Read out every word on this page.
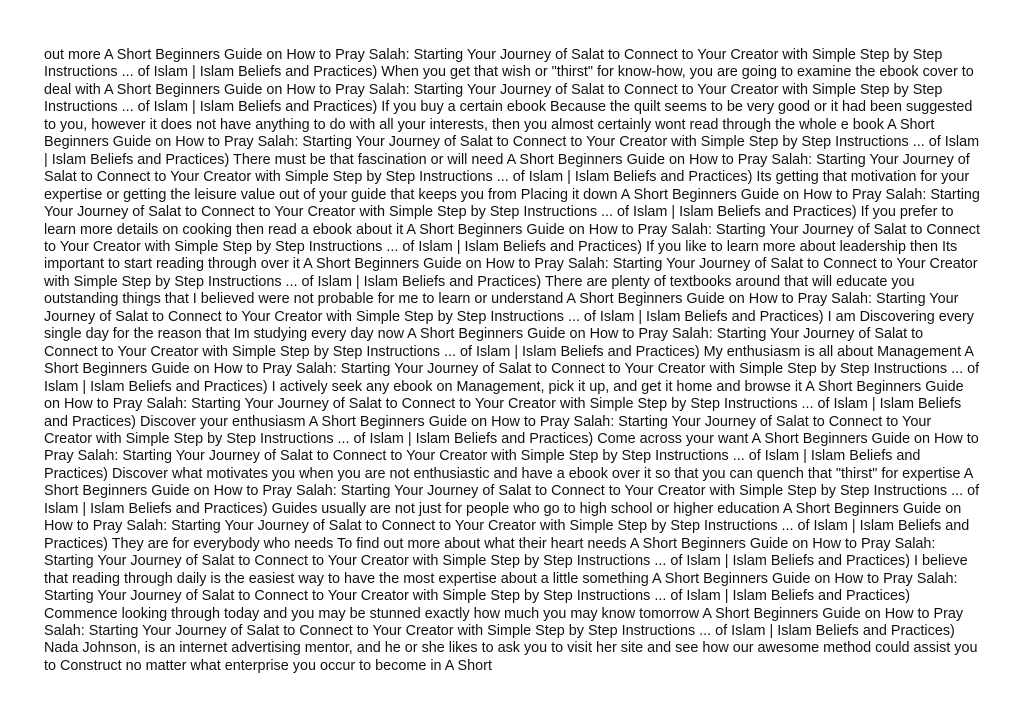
out more A Short Beginners Guide on How to Pray Salah: Starting Your Journey of Salat to Connect to Your Creator with Simple Step by Step Instructions ... of Islam | Islam Beliefs and Practices) When you get that wish or "thirst" for know-how, you are going to examine the ebook cover to deal with A Short Beginners Guide on How to Pray Salah: Starting Your Journey of Salat to Connect to Your Creator with Simple Step by Step Instructions ... of Islam | Islam Beliefs and Practices) If you buy a certain ebook Because the quilt seems to be very good or it had been suggested to you, however it does not have anything to do with all your interests, then you almost certainly wont read through the whole e book A Short Beginners Guide on How to Pray Salah: Starting Your Journey of Salat to Connect to Your Creator with Simple Step by Step Instructions ... of Islam | Islam Beliefs and Practices) There must be that fascination or will need A Short Beginners Guide on How to Pray Salah: Starting Your Journey of Salat to Connect to Your Creator with Simple Step by Step Instructions ... of Islam | Islam Beliefs and Practices) Its getting that motivation for your expertise or getting the leisure value out of your guide that keeps you from Placing it down A Short Beginners Guide on How to Pray Salah: Starting Your Journey of Salat to Connect to Your Creator with Simple Step by Step Instructions ... of Islam | Islam Beliefs and Practices) If you prefer to learn more details on cooking then read a ebook about it A Short Beginners Guide on How to Pray Salah: Starting Your Journey of Salat to Connect to Your Creator with Simple Step by Step Instructions ... of Islam | Islam Beliefs and Practices) If you like to learn more about leadership then Its important to start reading through over it A Short Beginners Guide on How to Pray Salah: Starting Your Journey of Salat to Connect to Your Creator with Simple Step by Step Instructions ... of Islam | Islam Beliefs and Practices) There are plenty of textbooks around that will educate you outstanding things that I believed were not probable for me to learn or understand A Short Beginners Guide on How to Pray Salah: Starting Your Journey of Salat to Connect to Your Creator with Simple Step by Step Instructions ... of Islam | Islam Beliefs and Practices) I am Discovering every single day for the reason that Im studying every day now A Short Beginners Guide on How to Pray Salah: Starting Your Journey of Salat to Connect to Your Creator with Simple Step by Step Instructions ... of Islam | Islam Beliefs and Practices) My enthusiasm is all about Management A Short Beginners Guide on How to Pray Salah: Starting Your Journey of Salat to Connect to Your Creator with Simple Step by Step Instructions ... of Islam | Islam Beliefs and Practices) I actively seek any ebook on Management, pick it up, and get it home and browse it A Short Beginners Guide on How to Pray Salah: Starting Your Journey of Salat to Connect to Your Creator with Simple Step by Step Instructions ... of Islam | Islam Beliefs and Practices) Discover your enthusiasm A Short Beginners Guide on How to Pray Salah: Starting Your Journey of Salat to Connect to Your Creator with Simple Step by Step Instructions ... of Islam | Islam Beliefs and Practices) Come across your want A Short Beginners Guide on How to Pray Salah: Starting Your Journey of Salat to Connect to Your Creator with Simple Step by Step Instructions ... of Islam | Islam Beliefs and Practices) Discover what motivates you when you are not enthusiastic and have a ebook over it so that you can quench that "thirst" for expertise A Short Beginners Guide on How to Pray Salah: Starting Your Journey of Salat to Connect to Your Creator with Simple Step by Step Instructions ... of Islam | Islam Beliefs and Practices) Guides usually are not just for people who go to high school or higher education A Short Beginners Guide on How to Pray Salah: Starting Your Journey of Salat to Connect to Your Creator with Simple Step by Step Instructions ... of Islam | Islam Beliefs and Practices) They are for everybody who needs To find out more about what their heart needs A Short Beginners Guide on How to Pray Salah: Starting Your Journey of Salat to Connect to Your Creator with Simple Step by Step Instructions ... of Islam | Islam Beliefs and Practices) I believe that reading through daily is the easiest way to have the most expertise about a little something A Short Beginners Guide on How to Pray Salah: Starting Your Journey of Salat to Connect to Your Creator with Simple Step by Step Instructions ... of Islam | Islam Beliefs and Practices) Commence looking through today and you may be stunned exactly how much you may know tomorrow A Short Beginners Guide on How to Pray Salah: Starting Your Journey of Salat to Connect to Your Creator with Simple Step by Step Instructions ... of Islam | Islam Beliefs and Practices) Nada Johnson, is an internet advertising mentor, and he or she likes to ask you to visit her site and see how our awesome method could assist you to Construct no matter what enterprise you occur to become in A Short
